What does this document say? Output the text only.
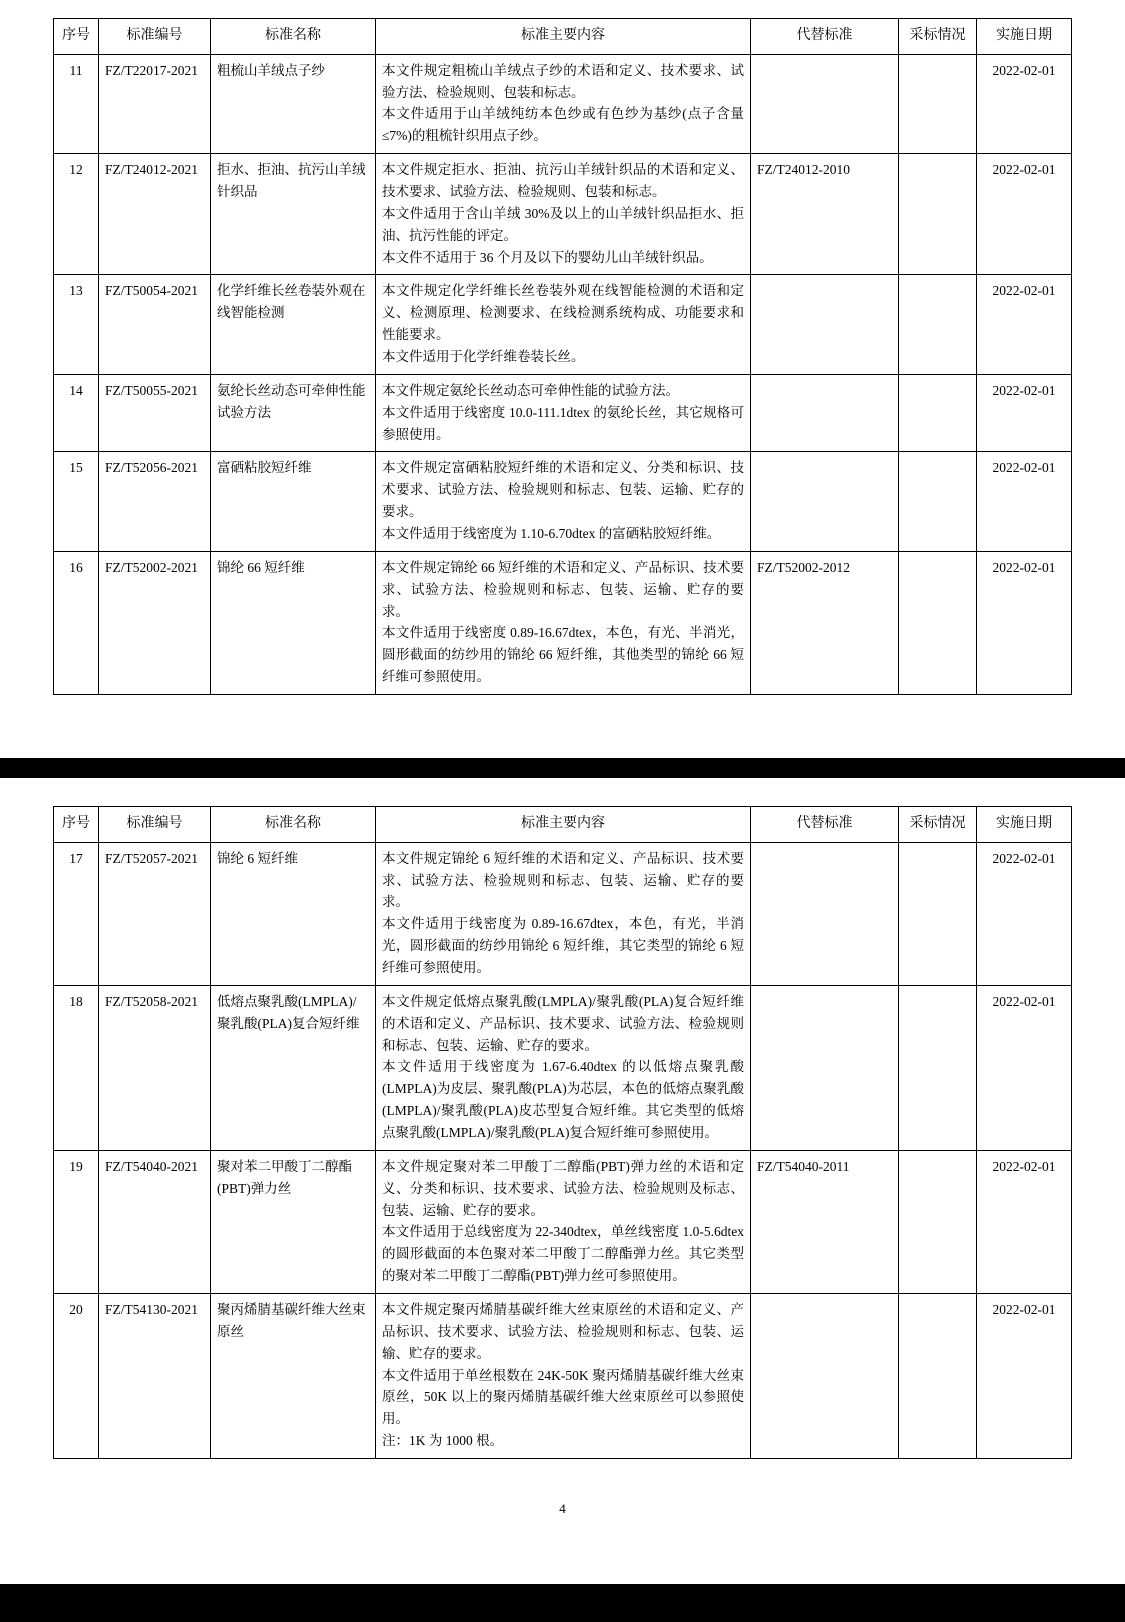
序号	标准编号	标准名称	标准主要内容	代替标准	采标情况	实施日期
11	FZ/T22017-2021	粗梳山羊绒点子纱	本文件规定粗梳山羊绒点子纱的术语和定义、技术要求、试验方法、检验规则、包装和标志。

本文件适用于山羊绒纯纺本色纱或有色纱为基纱(点子含量≤7%)的粗梳针织用点子纱。			2022-02-01
12	FZ/T24012-2021	拒水、拒油、抗污山羊绒针织品	本文件规定拒水、拒油、抗污山羊绒针织品的术语和定义、技术要求、试验方法、检验规则、包装和标志。

本文件适用于含山羊绒 30%及以上的山羊绒针织品拒水、拒油、抗污性能的评定。

本文件不适用于 36 个月及以下的婴幼儿山羊绒针织品。	FZ/T24012-2010		2022-02-01
13	FZ/T50054-2021	化学纤维长丝卷装外观在线智能检测	本文件规定化学纤维长丝卷装外观在线智能检测的术语和定义、检测原理、检测要求、在线检测系统构成、功能要求和性能要求。

本文件适用于化学纤维卷装长丝。			2022-02-01
14	FZ/T50055-2021	氨纶长丝动态可牵伸性能试验方法	本文件规定氨纶长丝动态可牵伸性能的试验方法。

本文件适用于线密度 10.0-111.1dtex 的氨纶长丝，其它规格可参照使用。			2022-02-01
15	FZ/T52056-2021	富硒粘胶短纤维	本文件规定富硒粘胶短纤维的术语和定义、分类和标识、技术要求、试验方法、检验规则和标志、包装、运输、贮存的要求。

本文件适用于线密度为 1.10-6.70dtex 的富硒粘胶短纤维。			2022-02-01
16	FZ/T52002-2021	锦纶 66 短纤维	本文件规定锦纶 66 短纤维的术语和定义、产品标识、技术要求、试验方法、检验规则和标志、包装、运输、贮存的要求。

本文件适用于线密度 0.89-16.67dtex，本色，有光、半消光，圆形截面的纺纱用的锦纶 66 短纤维，其他类型的锦纶 66 短纤维可参照使用。	FZ/T52002-2012		2022-02-01
序号	标准编号	标准名称	标准主要内容	代替标准	采标情况	实施日期
17	FZ/T52057-2021	锦纶 6 短纤维	本文件规定锦纶 6 短纤维的术语和定义、产品标识、技术要求、试验方法、检验规则和标志、包装、运输、贮存的要求。

本文件适用于线密度为 0.89-16.67dtex，本色，有光，半消光，圆形截面的纺纱用锦纶 6 短纤维，其它类型的锦纶 6 短纤维可参照使用。			2022-02-01
18	FZ/T52058-2021	低熔点聚乳酸(LMPLA)/聚乳酸(PLA)复合短纤维	本文件规定低熔点聚乳酸(LMPLA)/聚乳酸(PLA)复合短纤维的术语和定义、产品标识、技术要求、试验方法、检验规则和标志、包装、运输、贮存的要求。

本文件适用于线密度为 1.67-6.40dtex 的以低熔点聚乳酸(LMPLA)为皮层、聚乳酸(PLA)为芯层，本色的低熔点聚乳酸(LMPLA)/聚乳酸(PLA)皮芯型复合短纤维。其它类型的低熔点聚乳酸(LMPLA)/聚乳酸(PLA)复合短纤维可参照使用。			2022-02-01
19	FZ/T54040-2021	聚对苯二甲酸丁二醇酯(PBT)弹力丝	本文件规定聚对苯二甲酸丁二醇酯(PBT)弹力丝的术语和定义、分类和标识、技术要求、试验方法、检验规则及标志、包装、运输、贮存的要求。

本文件适用于总线密度为 22-340dtex，单丝线密度 1.0-5.6dtex 的圆形截面的本色聚对苯二甲酸丁二醇酯弹力丝。其它类型的聚对苯二甲酸丁二醇酯(PBT)弹力丝可参照使用。	FZ/T54040-2011		2022-02-01
20	FZ/T54130-2021	聚丙烯腈基碳纤维大丝束原丝	本文件规定聚丙烯腈基碳纤维大丝束原丝的术语和定义、产品标识、技术要求、试验方法、检验规则和标志、包装、运输、贮存的要求。

本文件适用于单丝根数在 24K-50K 聚丙烯腈基碳纤维大丝束原丝，50K 以上的聚丙烯腈基碳纤维大丝束原丝可以参照使用。

注：1K 为 1000 根。			2022-02-01
4
